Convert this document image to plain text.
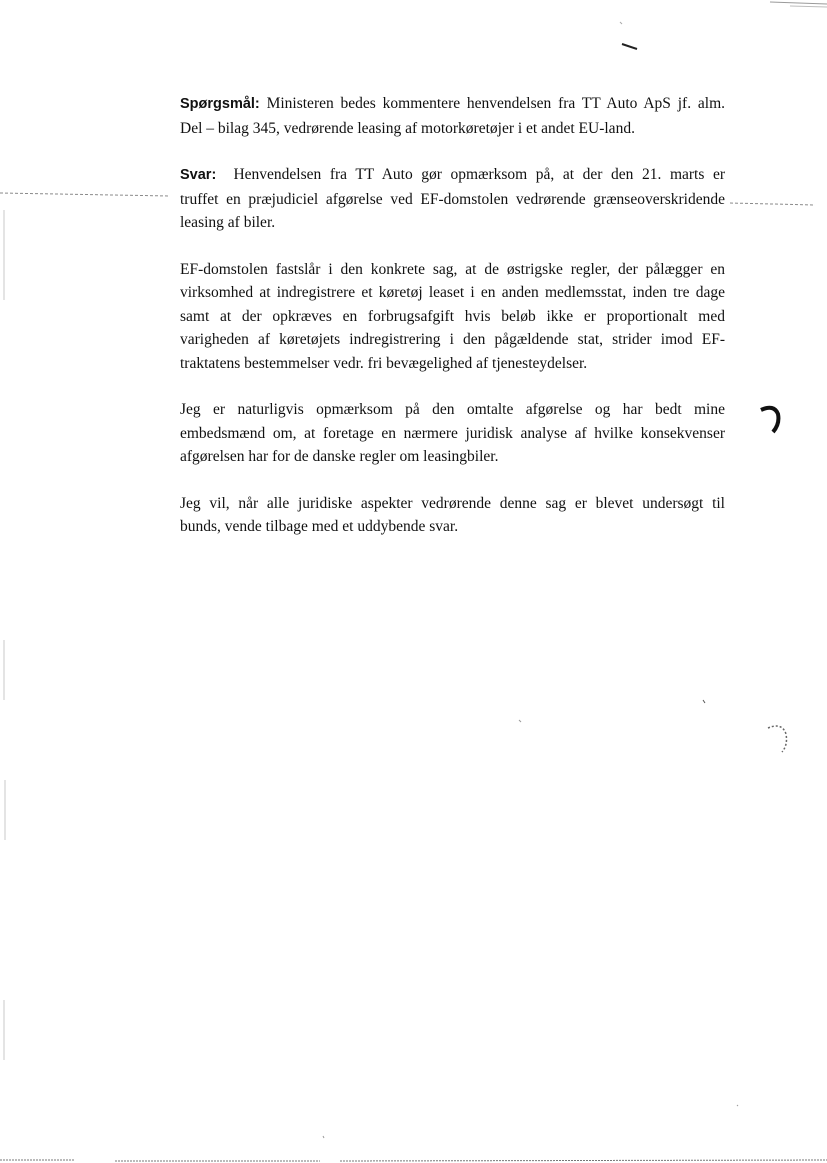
Spørgsmål: Ministeren bedes kommentere henvendelsen fra TT Auto ApS jf. alm.
Del – bilag 345, vedrørende leasing af motorkøretøjer i et andet EU-land.

Svar: Henvendelsen fra TT Auto gør opmærksom på, at der den 21. marts er
truffet en præjudiciel afgørelse ved EF-domstolen vedrørende grænseoverskridende
leasing af biler.

EF-domstolen fastslår i den konkrete sag, at de østrigske regler, der pålægger en
virksomhed at indregistrere et køretøj leaset i en anden medlemsstat, inden tre dage
samt at der opkræves en forbrugsafgift hvis beløb ikke er proportionalt med
varigheden af køretøjets indregistrering i den pågældende stat, strider imod EF-
traktatens bestemmelser vedr. fri bevægelighed af tjenesteydelser.

Jeg er naturligvis opmærksom på den omtalte afgørelse og har bedt mine
embedsmænd om, at foretage en nærmere juridisk analyse af hvilke konsekvenser
afgørelsen har for de danske regler om leasingbiler.

Jeg vil, når alle juridiske aspekter vedrørende denne sag er blevet undersøgt til
bunds, vende tilbage med et uddybende svar.
